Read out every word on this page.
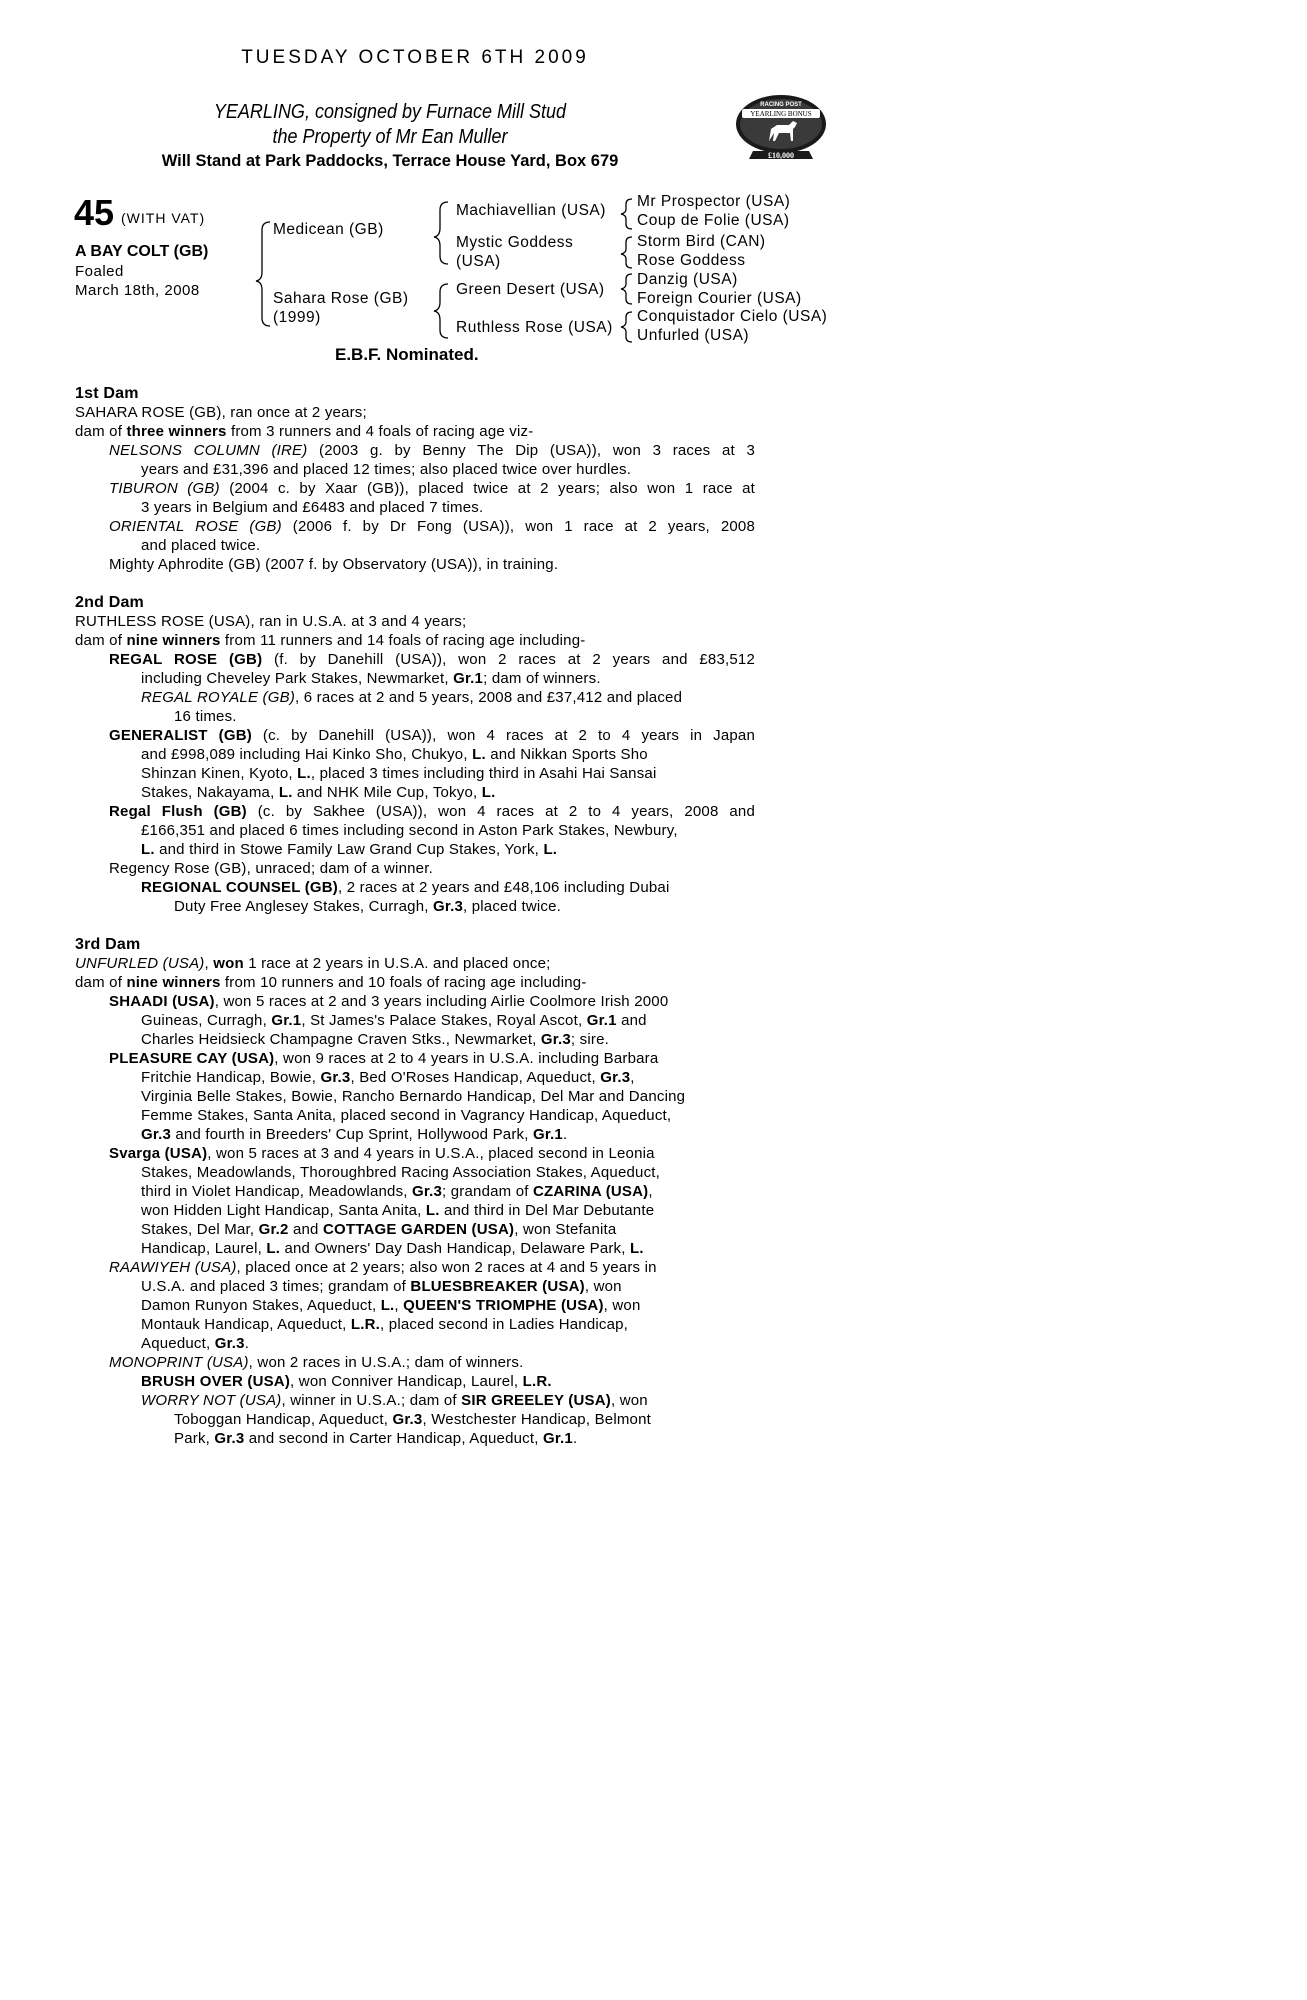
TUESDAY OCTOBER 6TH 2009
YEARLING, consigned by Furnace Mill Stud
the Property of Mr Ean Muller
Will Stand at Park Paddocks, Terrace House Yard, Box 679
RACING POST
YEARLING BONUS
£10,000
45 (WITH VAT)
A BAY COLT (GB)
Foaled
March 18th, 2008
Medicean (GB)
Sahara Rose (GB)
(1999)
Machiavellian (USA)
Mystic Goddess
(USA)
Green Desert (USA)
Ruthless Rose (USA)
Mr Prospector (USA)
Coup de Folie (USA)
Storm Bird (CAN)
Rose Goddess
Danzig (USA)
Foreign Courier (USA)
Conquistador Cielo (USA)
Unfurled (USA)
E.B.F. Nominated.
1st Dam
SAHARA ROSE (GB), ran once at 2 years;
dam of three winners from 3 runners and 4 foals of racing age viz-
NELSONS COLUMN (IRE) (2003 g. by Benny The Dip (USA)), won 3 races at 3
years and £31,396 and placed 12 times; also placed twice over hurdles.
TIBURON (GB) (2004 c. by Xaar (GB)), placed twice at 2 years; also won 1 race at
3 years in Belgium and £6483 and placed 7 times.
ORIENTAL ROSE (GB) (2006 f. by Dr Fong (USA)), won 1 race at 2 years, 2008
and placed twice.
Mighty Aphrodite (GB) (2007 f. by Observatory (USA)), in training.
2nd Dam
RUTHLESS ROSE (USA), ran in U.S.A. at 3 and 4 years;
dam of nine winners from 11 runners and 14 foals of racing age including-
REGAL ROSE (GB) (f. by Danehill (USA)), won 2 races at 2 years and £83,512
including Cheveley Park Stakes, Newmarket, Gr.1; dam of winners.
REGAL ROYALE (GB), 6 races at 2 and 5 years, 2008 and £37,412 and placed
16 times.
GENERALIST (GB) (c. by Danehill (USA)), won 4 races at 2 to 4 years in Japan
and £998,089 including Hai Kinko Sho, Chukyo, L. and Nikkan Sports Sho
Shinzan Kinen, Kyoto, L., placed 3 times including third in Asahi Hai Sansai
Stakes, Nakayama, L. and NHK Mile Cup, Tokyo, L.
Regal Flush (GB) (c. by Sakhee (USA)), won 4 races at 2 to 4 years, 2008 and
£166,351 and placed 6 times including second in Aston Park Stakes, Newbury,
L. and third in Stowe Family Law Grand Cup Stakes, York, L.
Regency Rose (GB), unraced; dam of a winner.
REGIONAL COUNSEL (GB), 2 races at 2 years and £48,106 including Dubai
Duty Free Anglesey Stakes, Curragh, Gr.3, placed twice.
3rd Dam
UNFURLED (USA), won 1 race at 2 years in U.S.A. and placed once;
dam of nine winners from 10 runners and 10 foals of racing age including-
SHAADI (USA), won 5 races at 2 and 3 years including Airlie Coolmore Irish 2000
Guineas, Curragh, Gr.1, St James's Palace Stakes, Royal Ascot, Gr.1 and
Charles Heidsieck Champagne Craven Stks., Newmarket, Gr.3; sire.
PLEASURE CAY (USA), won 9 races at 2 to 4 years in U.S.A. including Barbara
Fritchie Handicap, Bowie, Gr.3, Bed O'Roses Handicap, Aqueduct, Gr.3,
Virginia Belle Stakes, Bowie, Rancho Bernardo Handicap, Del Mar and Dancing
Femme Stakes, Santa Anita, placed second in Vagrancy Handicap, Aqueduct,
Gr.3 and fourth in Breeders' Cup Sprint, Hollywood Park, Gr.1.
Svarga (USA), won 5 races at 3 and 4 years in U.S.A., placed second in Leonia
Stakes, Meadowlands, Thoroughbred Racing Association Stakes, Aqueduct,
third in Violet Handicap, Meadowlands, Gr.3; grandam of CZARINA (USA),
won Hidden Light Handicap, Santa Anita, L. and third in Del Mar Debutante
Stakes, Del Mar, Gr.2 and COTTAGE GARDEN (USA), won Stefanita
Handicap, Laurel, L. and Owners' Day Dash Handicap, Delaware Park, L.
RAAWIYEH (USA), placed once at 2 years; also won 2 races at 4 and 5 years in
U.S.A. and placed 3 times; grandam of BLUESBREAKER (USA), won
Damon Runyon Stakes, Aqueduct, L., QUEEN'S TRIOMPHE (USA), won
Montauk Handicap, Aqueduct, L.R., placed second in Ladies Handicap,
Aqueduct, Gr.3.
MONOPRINT (USA), won 2 races in U.S.A.; dam of winners.
BRUSH OVER (USA), won Conniver Handicap, Laurel, L.R.
WORRY NOT (USA), winner in U.S.A.; dam of SIR GREELEY (USA), won
Toboggan Handicap, Aqueduct, Gr.3, Westchester Handicap, Belmont
Park, Gr.3 and second in Carter Handicap, Aqueduct, Gr.1.
